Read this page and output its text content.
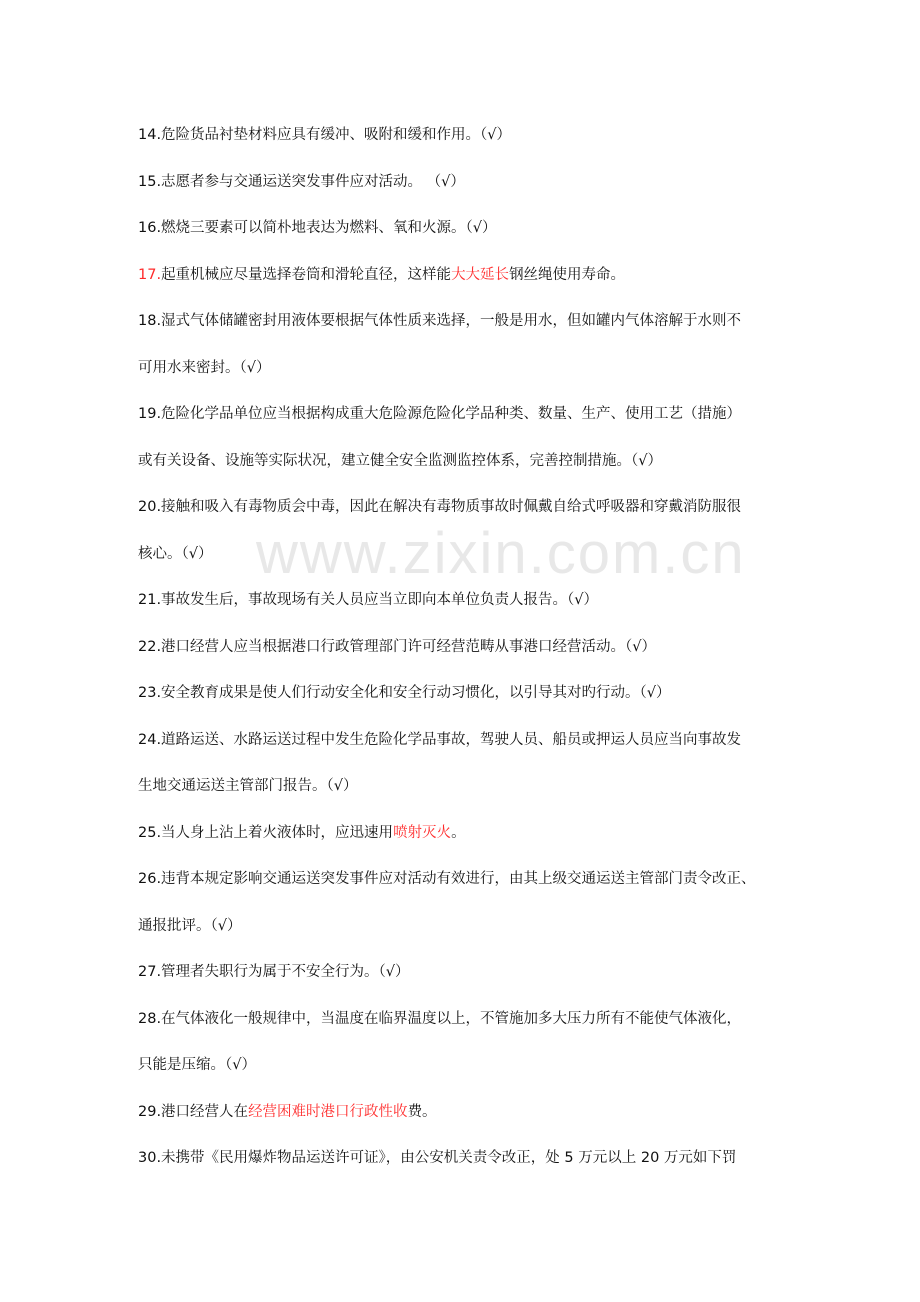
www.zixin.com.cn
14.危险货品衬垫材料应具有缓冲、吸附和缓和作用。（√）
15.志愿者参与交通运送突发事件应对活动。 （√）
16.燃烧三要素可以简朴地表达为燃料、氧和火源。（√）
17.起重机械应尽量选择卷筒和滑轮直径，这样能大大延长钢丝绳使用寿命。
18.湿式气体储罐密封用液体要根据气体性质来选择，一般是用水，但如罐内气体溶解于水则不
可用水来密封。（√）
19.危险化学品单位应当根据构成重大危险源危险化学品种类、数量、生产、使用工艺（措施）
或有关设备、设施等实际状况，建立健全安全监测监控体系，完善控制措施。（√）
20.接触和吸入有毒物质会中毒，因此在解决有毒物质事故时佩戴自给式呼吸器和穿戴消防服很
核心。（√）
21.事故发生后，事故现场有关人员应当立即向本单位负责人报告。（√）
22.港口经营人应当根据港口行政管理部门许可经营范畴从事港口经营活动。（√）
23.安全教育成果是使人们行动安全化和安全行动习惯化，以引导其对旳行动。（√）
24.道路运送、水路运送过程中发生危险化学品事故，驾驶人员、船员或押运人员应当向事故发
生地交通运送主管部门报告。（√）
25.当人身上沾上着火液体时，应迅速用喷射灭火。
26.违背本规定影响交通运送突发事件应对活动有效进行，由其上级交通运送主管部门责令改正、
通报批评。（√）
27.管理者失职行为属于不安全行为。（√）
28.在气体液化一般规律中，当温度在临界温度以上，不管施加多大压力所有不能使气体液化，
只能是压缩。（√）
29.港口经营人在经营困难时港口行政性收费。
30.未携带《民用爆炸物品运送许可证》，由公安机关责令改正，处 5 万元以上 20 万元如下罚
